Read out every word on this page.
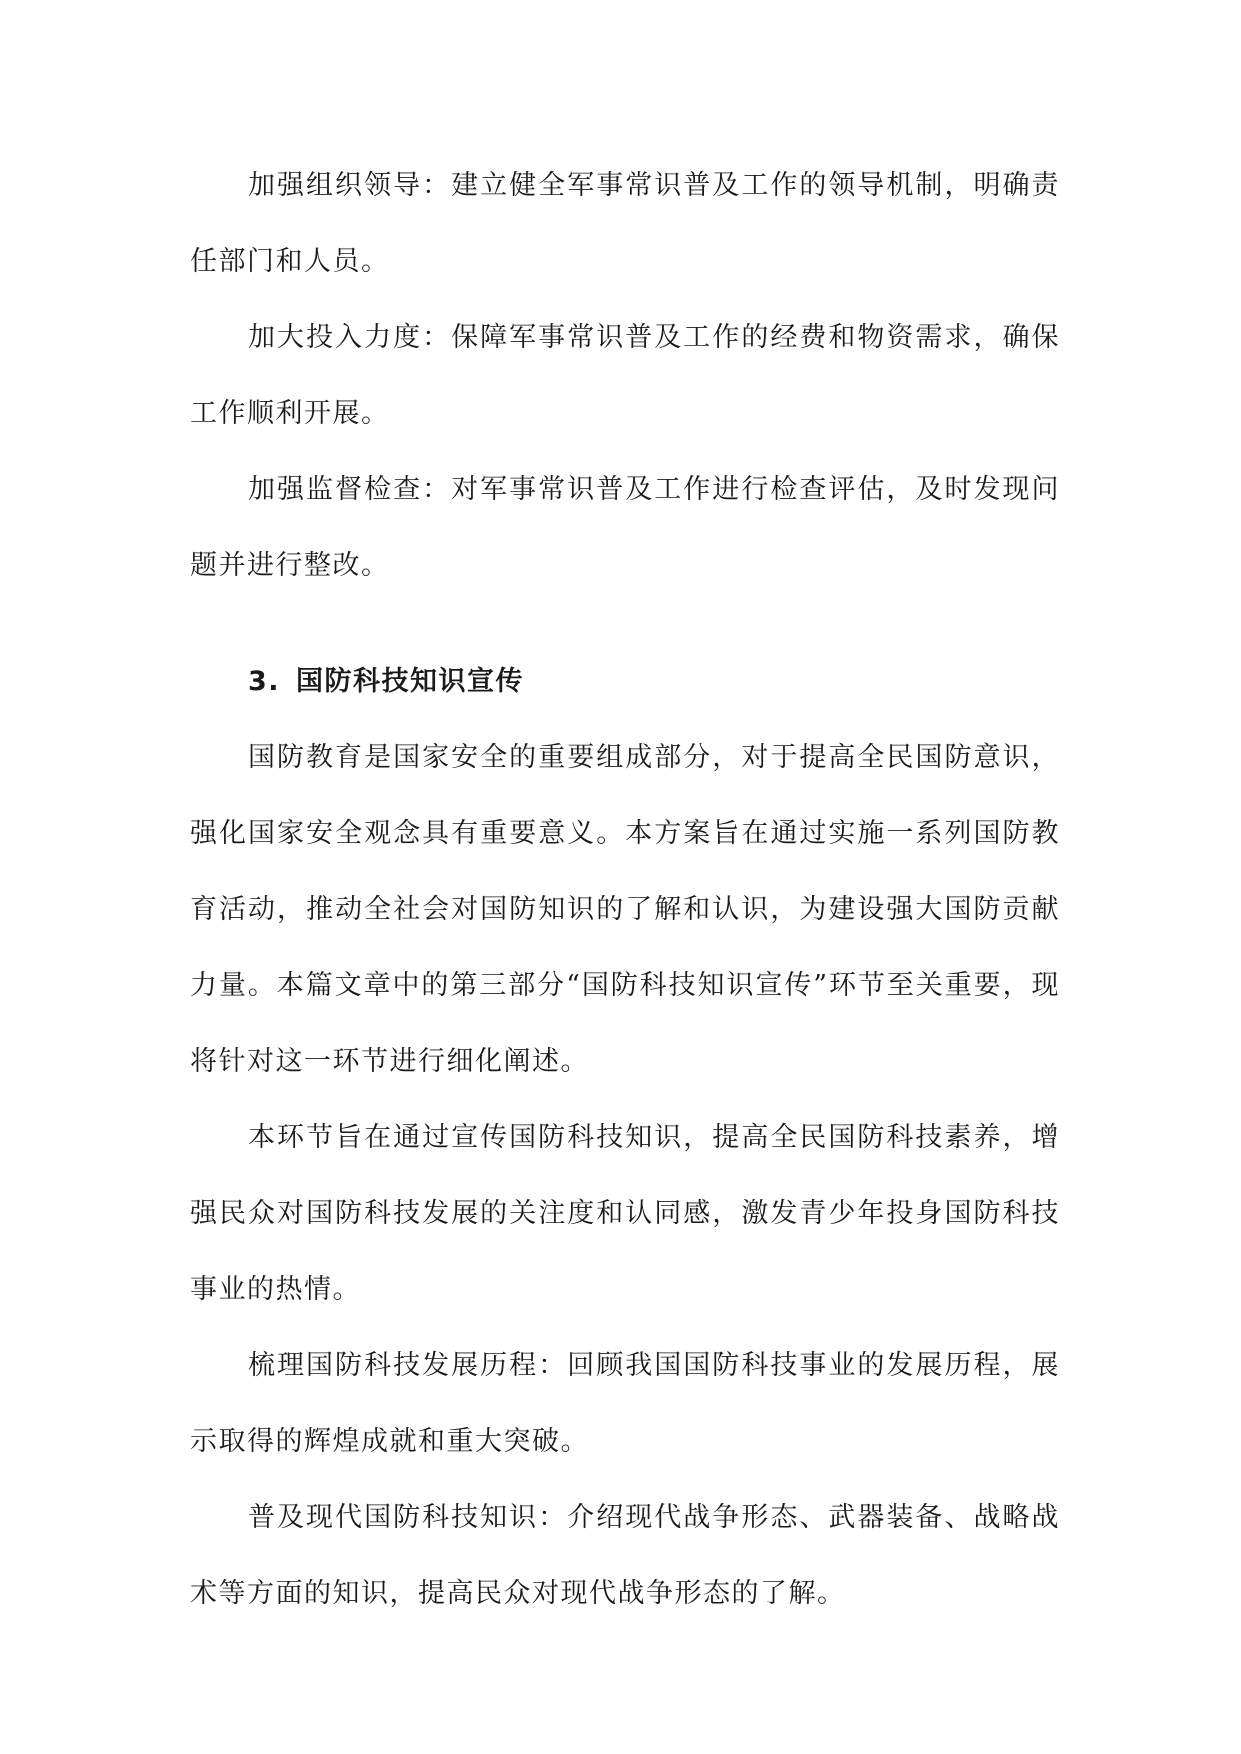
加强组织领导：建立健全军事常识普及工作的领导机制，明确责任部门和人员。

加大投入力度：保障军事常识普及工作的经费和物资需求，确保工作顺利开展。

加强监督检查：对军事常识普及工作进行检查评估，及时发现问题并进行整改。

3. 国防科技知识宣传

国防教育是国家安全的重要组成部分，对于提高全民国防意识，强化国家安全观念具有重要意义。本方案旨在通过实施一系列国防教育活动，推动全社会对国防知识的了解和认识，为建设强大国防贡献力量。本篇文章中的第三部分“国防科技知识宣传”环节至关重要，现将针对这一环节进行细化阐述。

本环节旨在通过宣传国防科技知识，提高全民国防科技素养，增强民众对国防科技发展的关注度和认同感，激发青少年投身国防科技事业的热情。

梳理国防科技发展历程：回顾我国国防科技事业的发展历程，展示取得的辉煌成就和重大突破。

普及现代国防科技知识：介绍现代战争形态、武器装备、战略战术等方面的知识，提高民众对现代战争形态的了解。
